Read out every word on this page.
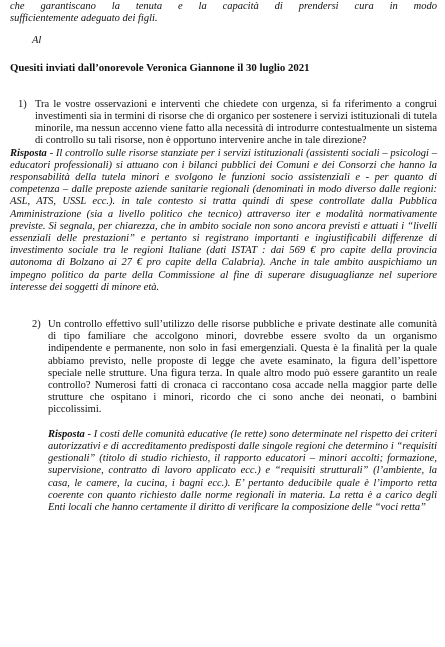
che garantiscano la tenuta e la capacità di prendersi cura in modo
sufficientemente adeguato dei figli.
Al
Quesiti inviati dall’onorevole Veronica Giannone il 30 luglio 2021
1) Tra le vostre osservazioni e interventi che chiedete con urgenza, si fa riferimento a congrui investimenti sia in termini di risorse che di organico per sostenere i servizi istituzionali di tutela minorile, ma nessun accenno viene fatto alla necessità di introdurre contestualmente un sistema di controllo su tali risorse, non è opportuno intervenire anche in tale direzione?

Risposta - Il controllo sulle risorse stanziate per i servizi istituzionali (assistenti sociali – psicologi – educatori professionali) si attuano con i bilanci pubblici dei Comuni e dei Consorzi che hanno la responsabilità della tutela minori e svolgono le funzioni socio assistenziali e - per quanto di competenza – dalle preposte aziende sanitarie regionali (denominati in modo diverso dalle regioni: ASL, ATS, USSL ecc.). in tale contesto si tratta quindi di spese controllate dalla Pubblica Amministrazione (sia a livello politico che tecnico) attraverso iter e modalità normativamente previste. Si segnala, per chiarezza, che in ambito sociale non sono ancora previsti e attuati i “livelli essenziali delle prestazioni” e pertanto si registrano importanti e ingiustificabili differenze di investimento sociale tra le regioni Italiane (dati ISTAT : dai 569 € pro capite della provincia autonoma di Bolzano ai 27 € pro capite della Calabria). Anche in tale ambito auspichiamo un impegno politico da parte della Commissione al fine di superare disuguaglianze nel superiore interesse dei soggetti di minore età.

2) Un controllo effettivo sull’utilizzo delle risorse pubbliche e private destinate alle comunità di tipo familiare che accolgono minori, dovrebbe essere svolto da un organismo indipendente e permanente, non solo in fasi emergenziali. Questa è la finalità per la quale abbiamo previsto, nelle proposte di legge che avete esaminato, la figura dell’ispettore speciale nelle strutture. Una figura terza. In quale altro modo può essere garantito un reale controllo? Numerosi fatti di cronaca ci raccontano cosa accade nella maggior parte delle strutture che ospitano i minori, ricordo che ci sono anche dei neonati, o bambini piccolissimi.

Risposta - I costi delle comunità educative (le rette) sono determinate nel rispetto dei criteri autorizzativi e di accreditamento predisposti dalle singole regioni che determino i “requisiti gestionali” (titolo di studio richiesto, il rapporto educatori – minori accolti; formazione, supervisione, contratto di lavoro applicato ecc.) e “requisiti strutturali” (l’ambiente, la casa, le camere, la cucina, i bagni ecc.). E’ pertanto deducibile quale è l’importo retta coerente con quanto richiesto dalle norme regionali in materia. La retta è a carico degli Enti locali che hanno certamente il diritto di verificare la composizione delle “voci retta”
